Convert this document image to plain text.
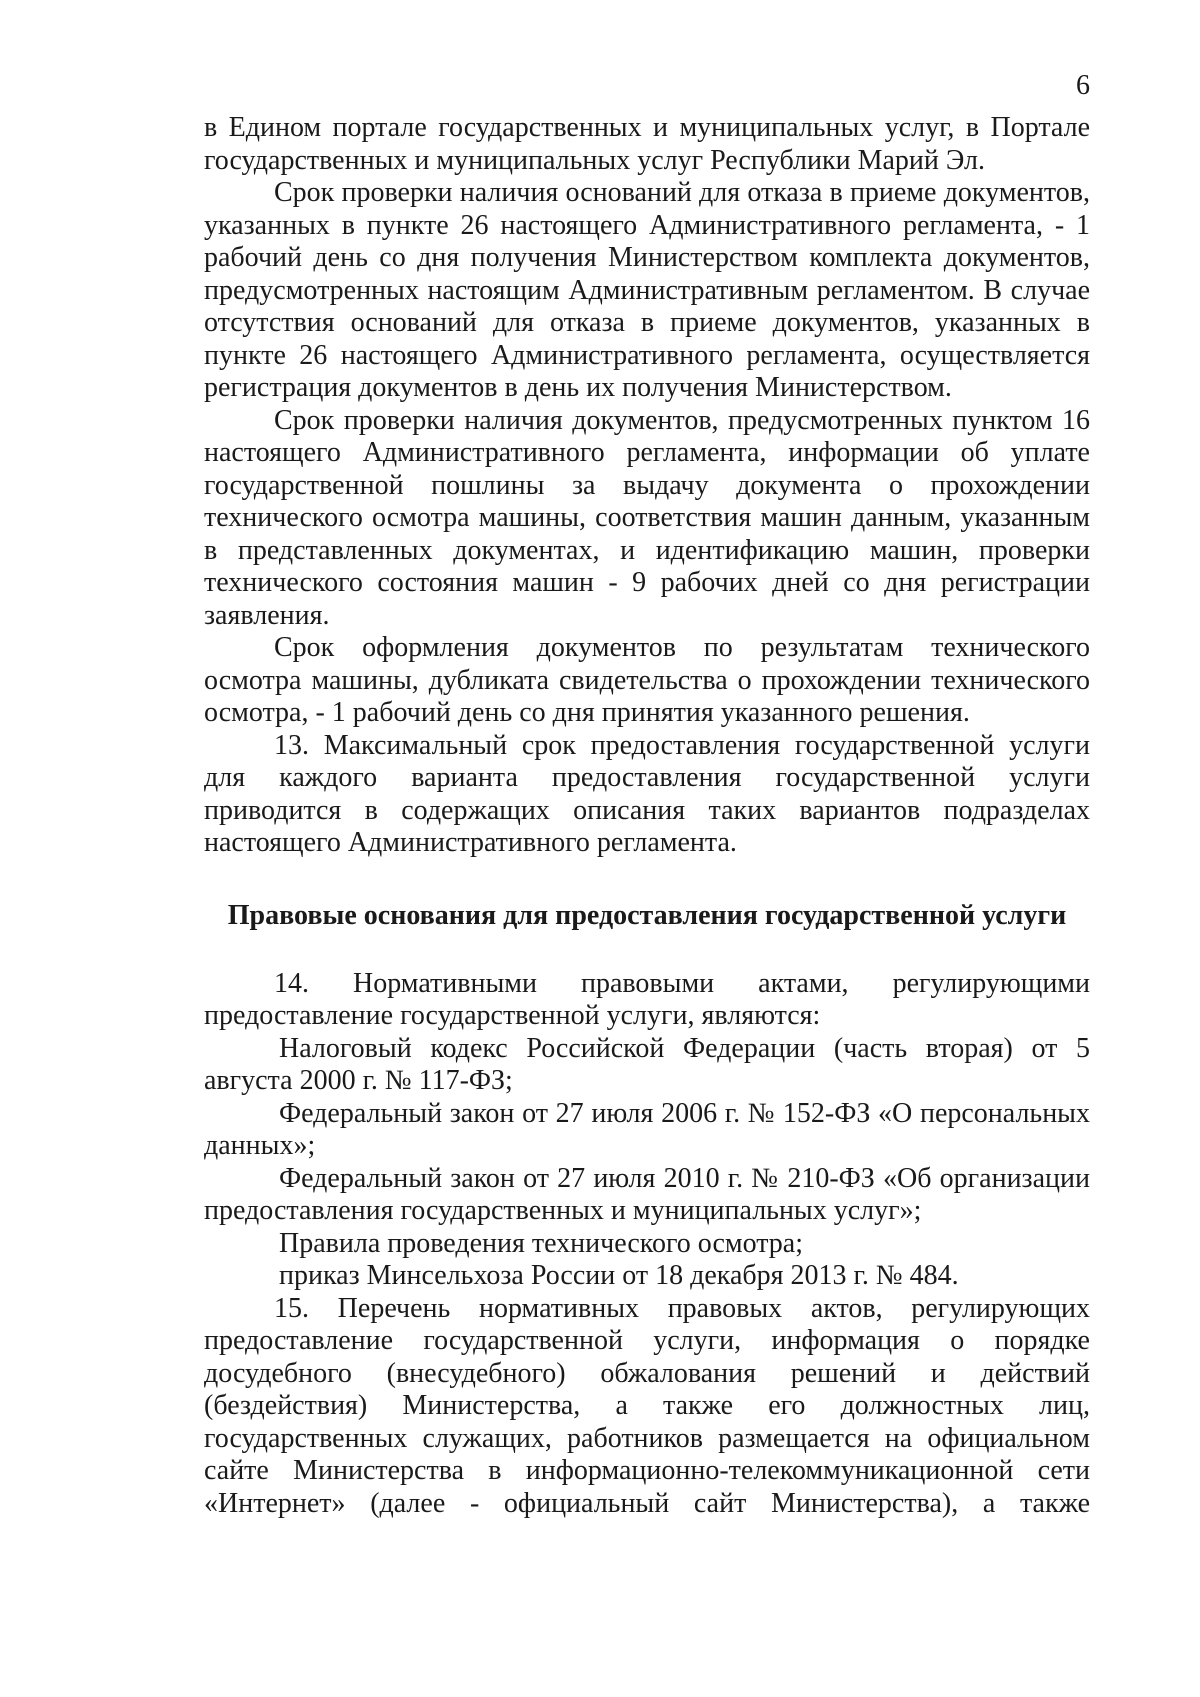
6

в Едином портале государственных и муниципальных услуг, в Портале государственных и муниципальных услуг Республики Марий Эл.

Срок проверки наличия оснований для отказа в приеме документов, указанных в пункте 26 настоящего Административного регламента, - 1 рабочий день со дня получения Министерством комплекта документов, предусмотренных настоящим Административным регламентом. В случае отсутствия оснований для отказа в приеме документов, указанных в пункте 26 настоящего Административного регламента, осуществляется регистрация документов в день их получения Министерством.

Срок проверки наличия документов, предусмотренных пунктом 16 настоящего Административного регламента, информации об уплате государственной пошлины за выдачу документа о прохождении технического осмотра машины, соответствия машин данным, указанным в представленных документах, и идентификацию машин, проверки технического состояния машин - 9 рабочих дней со дня регистрации заявления.

Срок оформления документов по результатам технического осмотра машины, дубликата свидетельства о прохождении технического осмотра, - 1 рабочий день со дня принятия указанного решения.

13. Максимальный срок предоставления государственной услуги для каждого варианта предоставления государственной услуги приводится в содержащих описания таких вариантов подразделах настоящего Административного регламента.

Правовые основания для предоставления государственной услуги

14. Нормативными правовыми актами, регулирующими предоставление государственной услуги, являются:

Налоговый кодекс Российской Федерации (часть вторая) от 5 августа 2000 г. № 117-ФЗ;

Федеральный закон от 27 июля 2006 г. № 152-ФЗ «О персональных данных»;

Федеральный закон от 27 июля 2010 г. № 210-ФЗ «Об организации предоставления государственных и муниципальных услуг»;

Правила проведения технического осмотра;

приказ Минсельхоза России от 18 декабря 2013 г. № 484.

15. Перечень нормативных правовых актов, регулирующих предоставление государственной услуги, информация о порядке досудебного (внесудебного) обжалования решений и действий (бездействия) Министерства, а также его должностных лиц, государственных служащих, работников размещается на официальном сайте Министерства в информационно-телекоммуникационной сети «Интернет» (далее - официальный сайт Министерства), а также
